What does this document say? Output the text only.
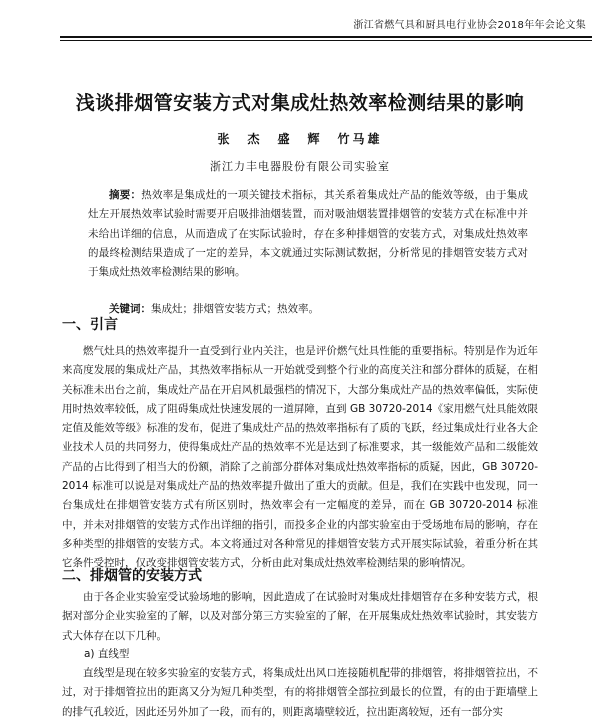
浙江省燃气具和厨具电行业协会2018年年会论文集
浅谈排烟管安装方式对集成灶热效率检测结果的影响
张　杰　盛　辉　竹马雄
浙江力丰电器股份有限公司实验室
摘要：热效率是集成灶的一项关键技术指标，其关系着集成灶产品的能效等级，由于集成灶左开展热效率试验时需要开启吸排油烟装置，而对吸油烟装置排烟管的安装方式在标准中并未给出详细的信息，从而造成了在实际试验时，存在多种排烟管的安装方式，对集成灶热效率的最终检测结果造成了一定的差异，本文就通过实际测试数据，分析常见的排烟管安装方式对于集成灶热效率检测结果的影响。
关键词：集成灶；排烟管安装方式；热效率。
一、引言
燃气灶具的热效率提升一直受到行业内关注，也是评价燃气灶具性能的重要指标。特别是作为近年来高度发展的集成灶产品，其热效率指标从一开始就受到整个行业的高度关注和部分群体的质疑，在相关标准未出台之前，集成灶产品在开启风机最强档的情况下，大部分集成灶产品的热效率偏低，实际使用时热效率较低，成了阻碍集成灶快速发展的一道屏障，直到 GB 30720-2014《家用燃气灶具能效限定值及能效等级》标准的发布，促进了集成灶产品的热效率指标有了质的飞跃，经过集成灶行业各大企业技术人员的共同努力，使得集成灶产品的热效率不光是达到了标准要求，其一级能效产品和二级能效产品的占比得到了相当大的份额，消除了之前部分群体对集成灶热效率指标的质疑，因此，GB 30720-2014 标准可以说是对集成灶产品的热效率提升做出了重大的贡献。但是，我们在实践中也发现，同一台集成灶在排烟管安装方式有所区别时，热效率会有一定幅度的差异，而在 GB 30720-2014 标准中，并未对排烟管的安装方式作出详细的指引，而投多企业的内部实验室由于受场地布局的影响，存在多种类型的排烟管的安装方式。本文将通过对各种常见的排烟管安装方式开展实际试验，着重分析在其它条件受控时，仅改变排烟管安装方式，分析由此对集成灶热效率检测结果的影响情况。
二、排烟管的安装方式
由于各企业实验室受试验场地的影响，因此造成了在试验时对集成灶排烟管存在多种安装方式，根据对部分企业实验室的了解，以及对部分第三方实验室的了解，在开展集成灶热效率试验时，其安装方式大体存在以下几种。
a) 直线型
直线型是现在较多实验室的安装方式，将集成灶出风口连接随机配带的排烟管，将排烟管拉出，不过，对于排烟管拉出的距离又分为短几种类型，有的将排烟管全部拉到最长的位置，有的由于距墙壁上的排气孔较近，因此还另外加了一段，而有的，则距离墙壁较近，拉出距离较短，还有一部分实
